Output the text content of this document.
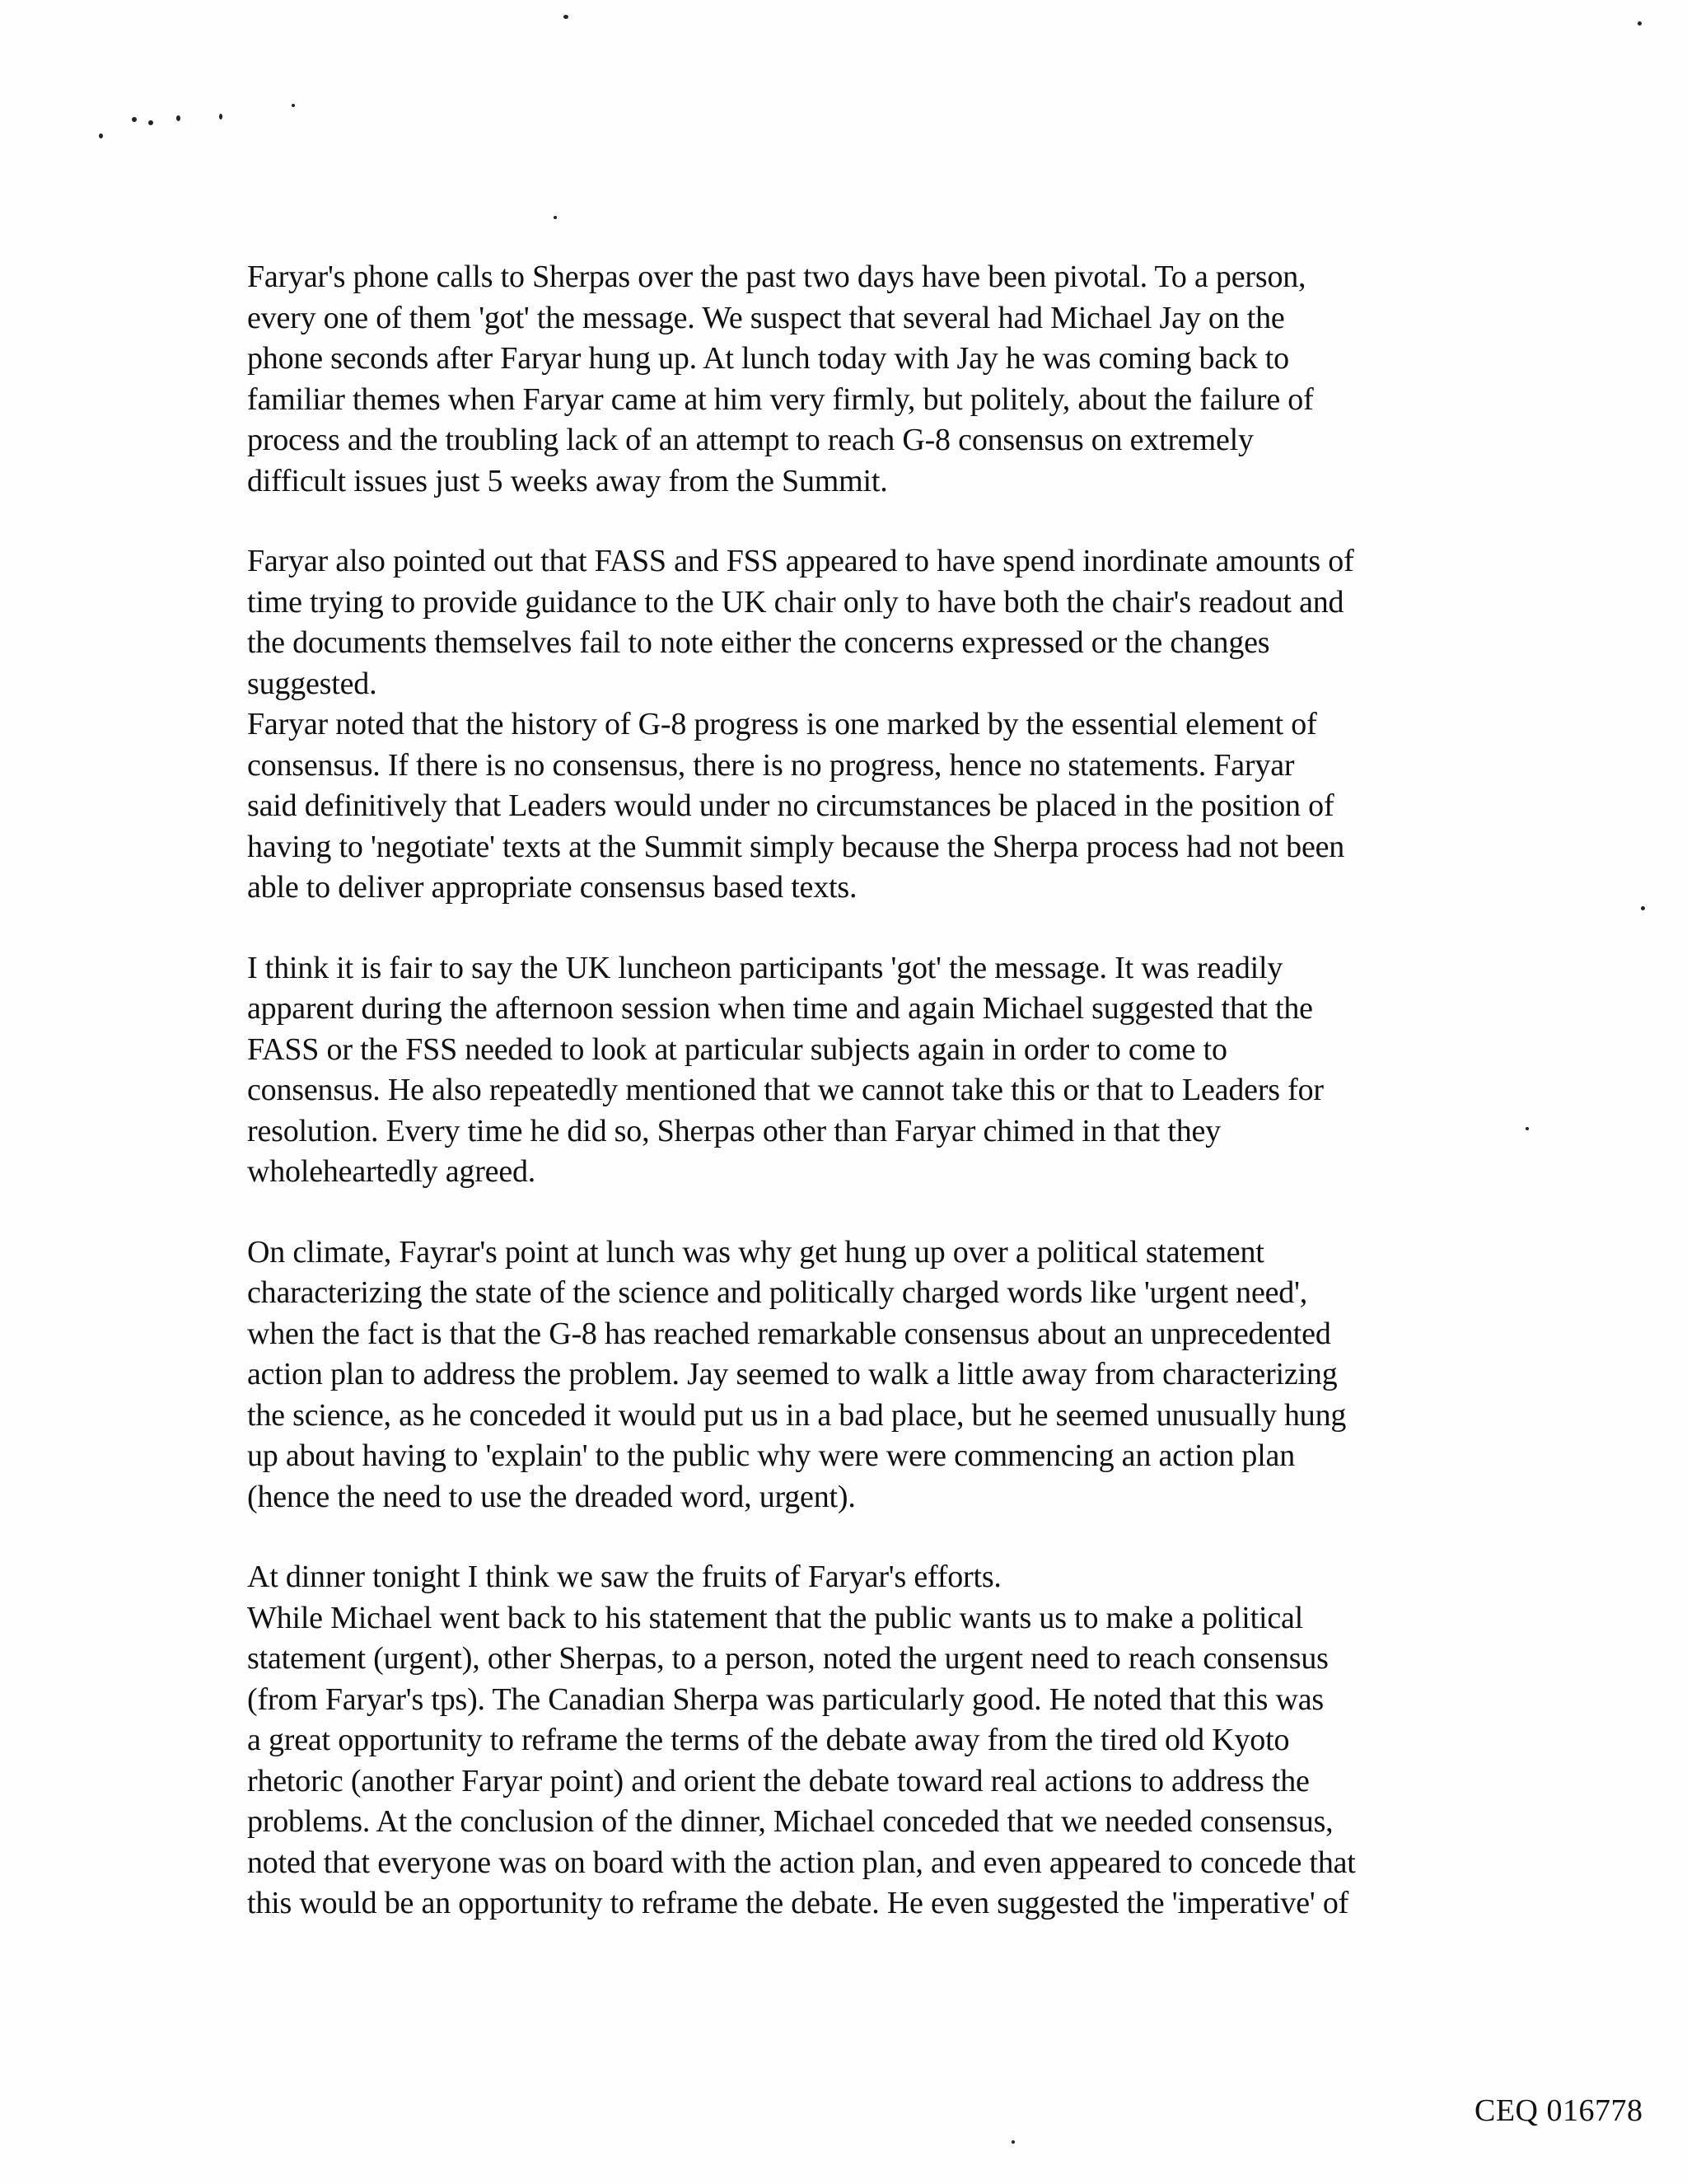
Faryar's phone calls to Sherpas over the past two days have been pivotal. To a person,
every one of them 'got' the message. We suspect that several had Michael Jay on the
phone seconds after Faryar hung up. At lunch today with Jay he was coming back to
familiar themes when Faryar came at him very firmly, but politely, about the failure of
process and the troubling lack of an attempt to reach G-8 consensus on extremely
difficult issues just 5 weeks away from the Summit.

Faryar also pointed out that FASS and FSS appeared to have spend inordinate amounts of
time trying to provide guidance to the UK chair only to have both the chair's readout and
the documents themselves fail to note either the concerns expressed or the changes
suggested.

Faryar noted that the history of G-8 progress is one marked by the essential element of
consensus. If there is no consensus, there is no progress, hence no statements. Faryar
said definitively that Leaders would under no circumstances be placed in the position of
having to 'negotiate' texts at the Summit simply because the Sherpa process had not been
able to deliver appropriate consensus based texts.

I think it is fair to say the UK luncheon participants 'got' the message. It was readily
apparent during the afternoon session when time and again Michael suggested that the
FASS or the FSS needed to look at particular subjects again in order to come to
consensus. He also repeatedly mentioned that we cannot take this or that to Leaders for
resolution. Every time he did so, Sherpas other than Faryar chimed in that they
wholeheartedly agreed.

On climate, Fayrar's point at lunch was why get hung up over a political statement
characterizing the state of the science and politically charged words like 'urgent need',
when the fact is that the G-8 has reached remarkable consensus about an unprecedented
action plan to address the problem. Jay seemed to walk a little away from characterizing
the science, as he conceded it would put us in a bad place, but he seemed unusually hung
up about having to 'explain' to the public why were were commencing an action plan
(hence the need to use the dreaded word, urgent).

At dinner tonight I think we saw the fruits of Faryar's efforts.

While Michael went back to his statement that the public wants us to make a political
statement (urgent), other Sherpas, to a person, noted the urgent need to reach consensus
(from Faryar's tps). The Canadian Sherpa was particularly good. He noted that this was
a great opportunity to reframe the terms of the debate away from the tired old Kyoto
rhetoric (another Faryar point) and orient the debate toward real actions to address the
problems. At the conclusion of the dinner, Michael conceded that we needed consensus,
noted that everyone was on board with the action plan, and even appeared to concede that
this would be an opportunity to reframe the debate. He even suggested the 'imperative' of

CEQ 016778
